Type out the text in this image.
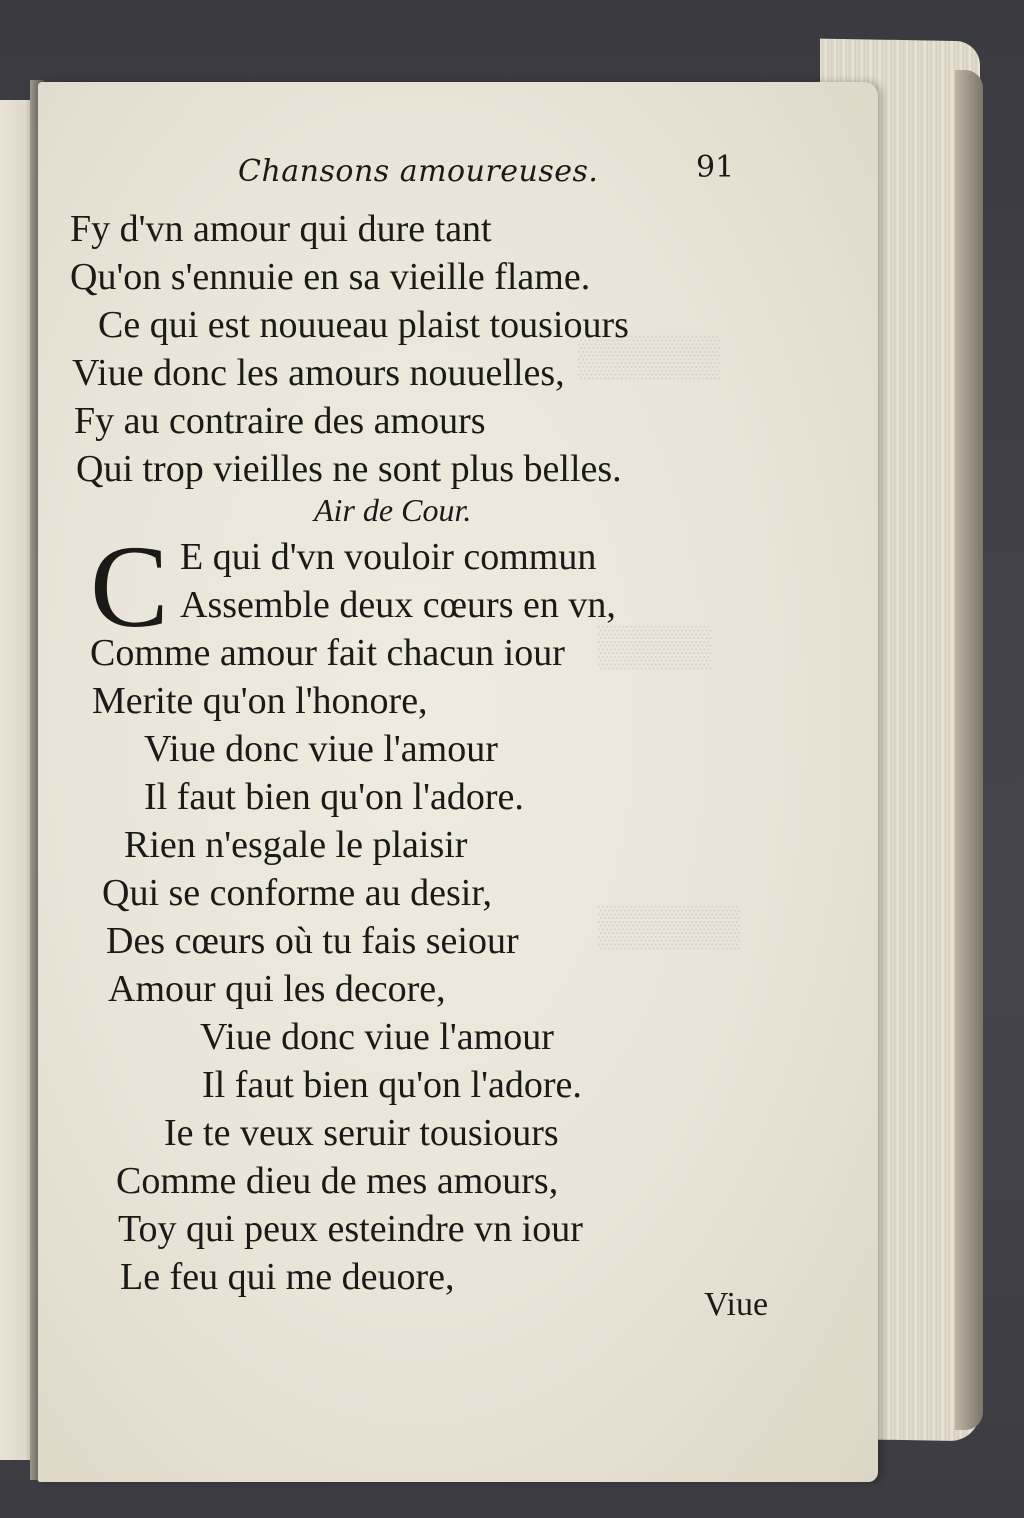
▒▒▒▒▒
▒▒▒▒
▒▒▒▒▒
Chansons amoureuses.	91
Fy d'vn amour qui dure tant
Qu'on s'ennuie en sa vieille flame.
Ce qui est nouueau plaist tousiours
Viue donc les amours nouuelles,
Fy au contraire des amours
Qui trop vieilles ne sont plus belles.
Air de Cour.
C E qui d'vn vouloir commun
Assemble deux cœurs en vn,
Comme amour fait chacun iour
Merite qu'on l'honore,
Viue donc viue l'amour
Il faut bien qu'on l'adore.
Rien n'esgale le plaisir
Qui se conforme au desir,
Des cœurs où tu fais seiour
Amour qui les decore,
Viue donc viue l'amour
Il faut bien qu'on l'adore.
Ie te veux seruir tousiours
Comme dieu de mes amours,
Toy qui peux esteindre vn iour
Le feu qui me deuore,
Viue
